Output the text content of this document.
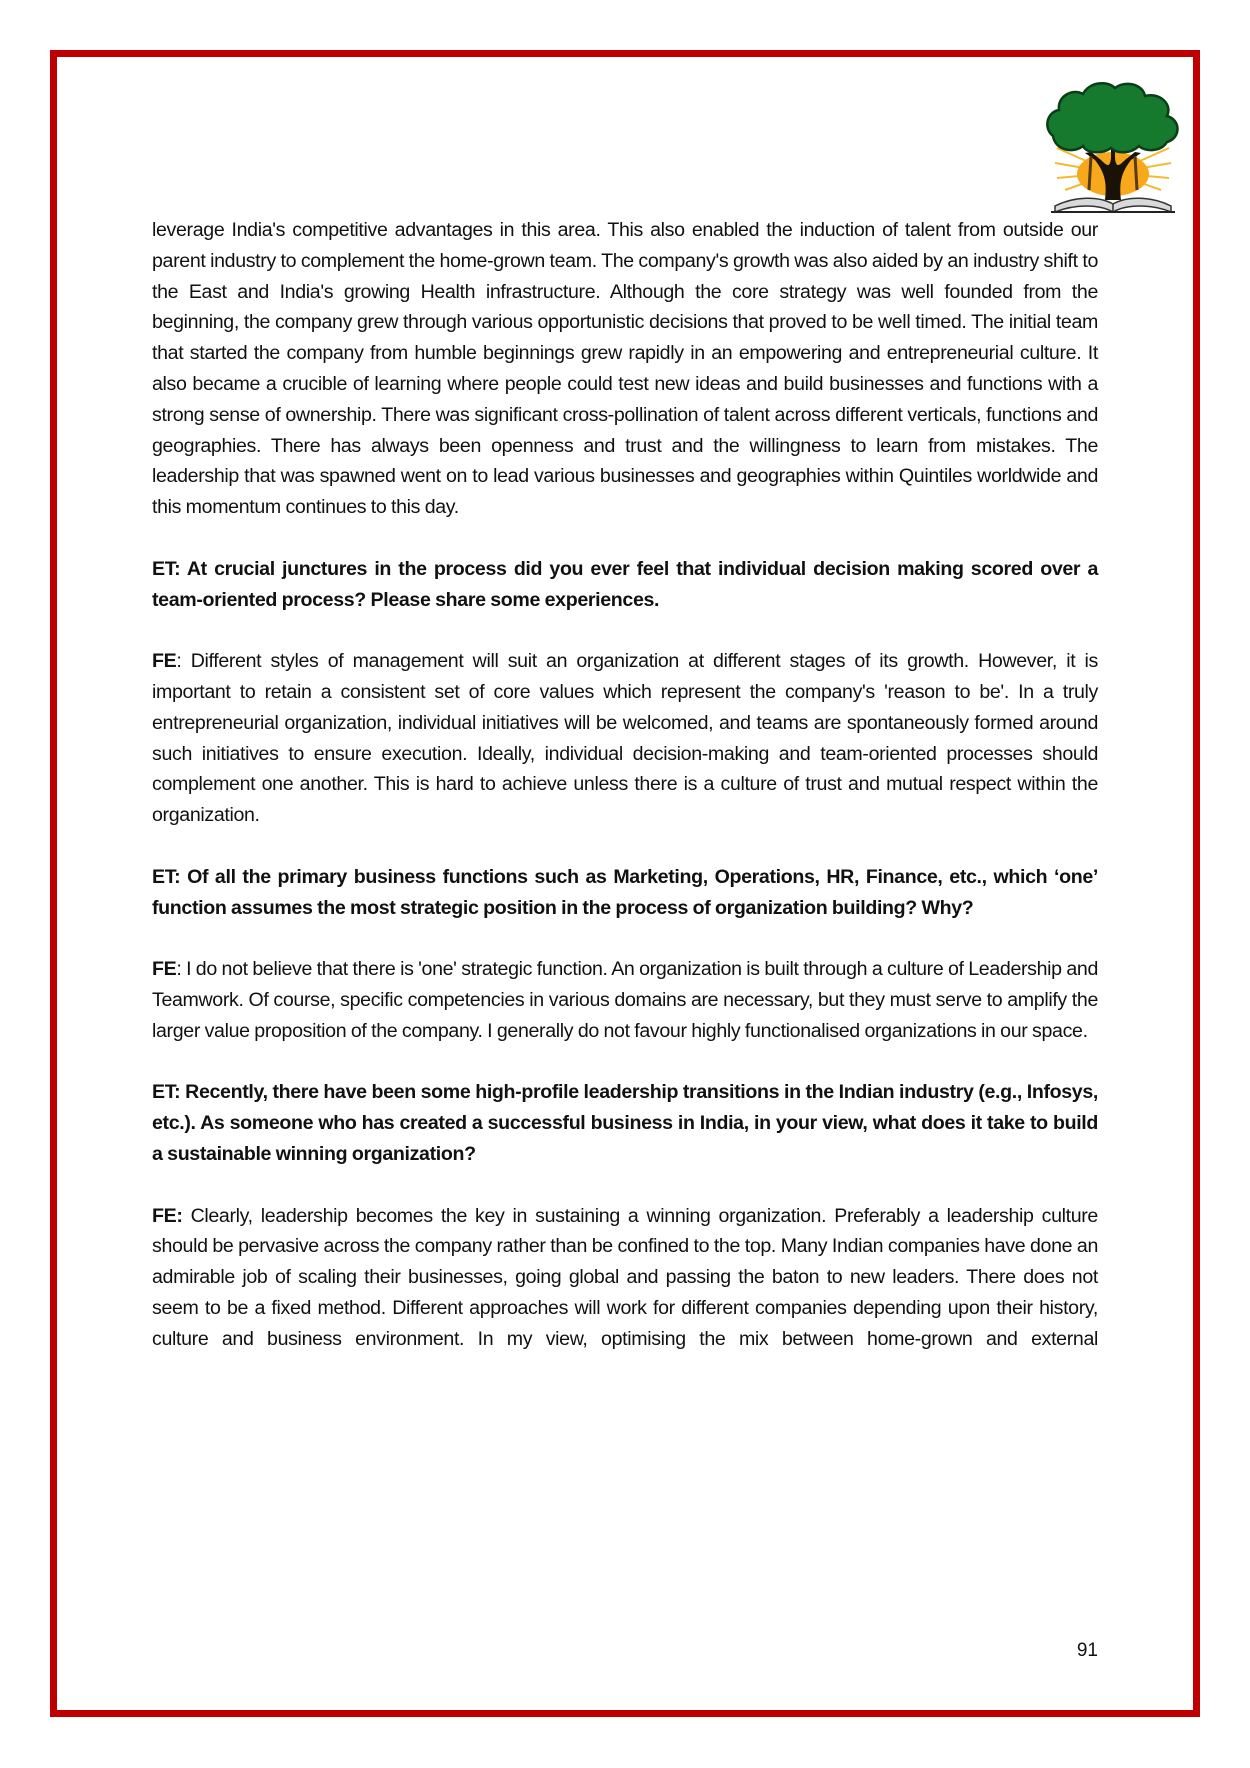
leverage India's competitive advantages in this area. This also enabled the induction of talent from outside our parent industry to complement the home-grown team. The company's growth was also aided by an industry shift to the East and India's growing Health infrastructure. Although the core strategy was well founded from the beginning, the company grew through various opportunistic decisions that proved to be well timed. The initial team that started the company from humble beginnings grew rapidly in an empowering and entrepreneurial culture. It also became a crucible of learning where people could test new ideas and build businesses and functions with a strong sense of ownership. There was significant cross-pollination of talent across different verticals, functions and geographies. There has always been openness and trust and the willingness to learn from mistakes. The leadership that was spawned went on to lead various businesses and geographies within Quintiles worldwide and this momentum continues to this day.

ET: At crucial junctures in the process did you ever feel that individual decision making scored over a team-oriented process? Please share some experiences.

FE: Different styles of management will suit an organization at different stages of its growth. However, it is important to retain a consistent set of core values which represent the company's 'reason to be'. In a truly entrepreneurial organization, individual initiatives will be welcomed, and teams are spontaneously formed around such initiatives to ensure execution. Ideally, individual decision-making and team-oriented processes should complement one another. This is hard to achieve unless there is a culture of trust and mutual respect within the organization.

ET: Of all the primary business functions such as Marketing, Operations, HR, Finance, etc., which ‘one’ function assumes the most strategic position in the process of organization building? Why?

FE: I do not believe that there is 'one' strategic function. An organization is built through a culture of Leadership and Teamwork. Of course, specific competencies in various domains are necessary, but they must serve to amplify the larger value proposition of the company. I generally do not favour highly functionalised organizations in our space.

ET: Recently, there have been some high-profile leadership transitions in the Indian industry (e.g., Infosys, etc.). As someone who has created a successful business in India, in your view, what does it take to build a sustainable winning organization?

FE: Clearly, leadership becomes the key in sustaining a winning organization. Preferably a leadership culture should be pervasive across the company rather than be confined to the top. Many Indian companies have done an admirable job of scaling their businesses, going global and passing the baton to new leaders. There does not seem to be a fixed method. Different approaches will work for different companies depending upon their history, culture and business environment. In my view, optimising the mix between home-grown and external

91
